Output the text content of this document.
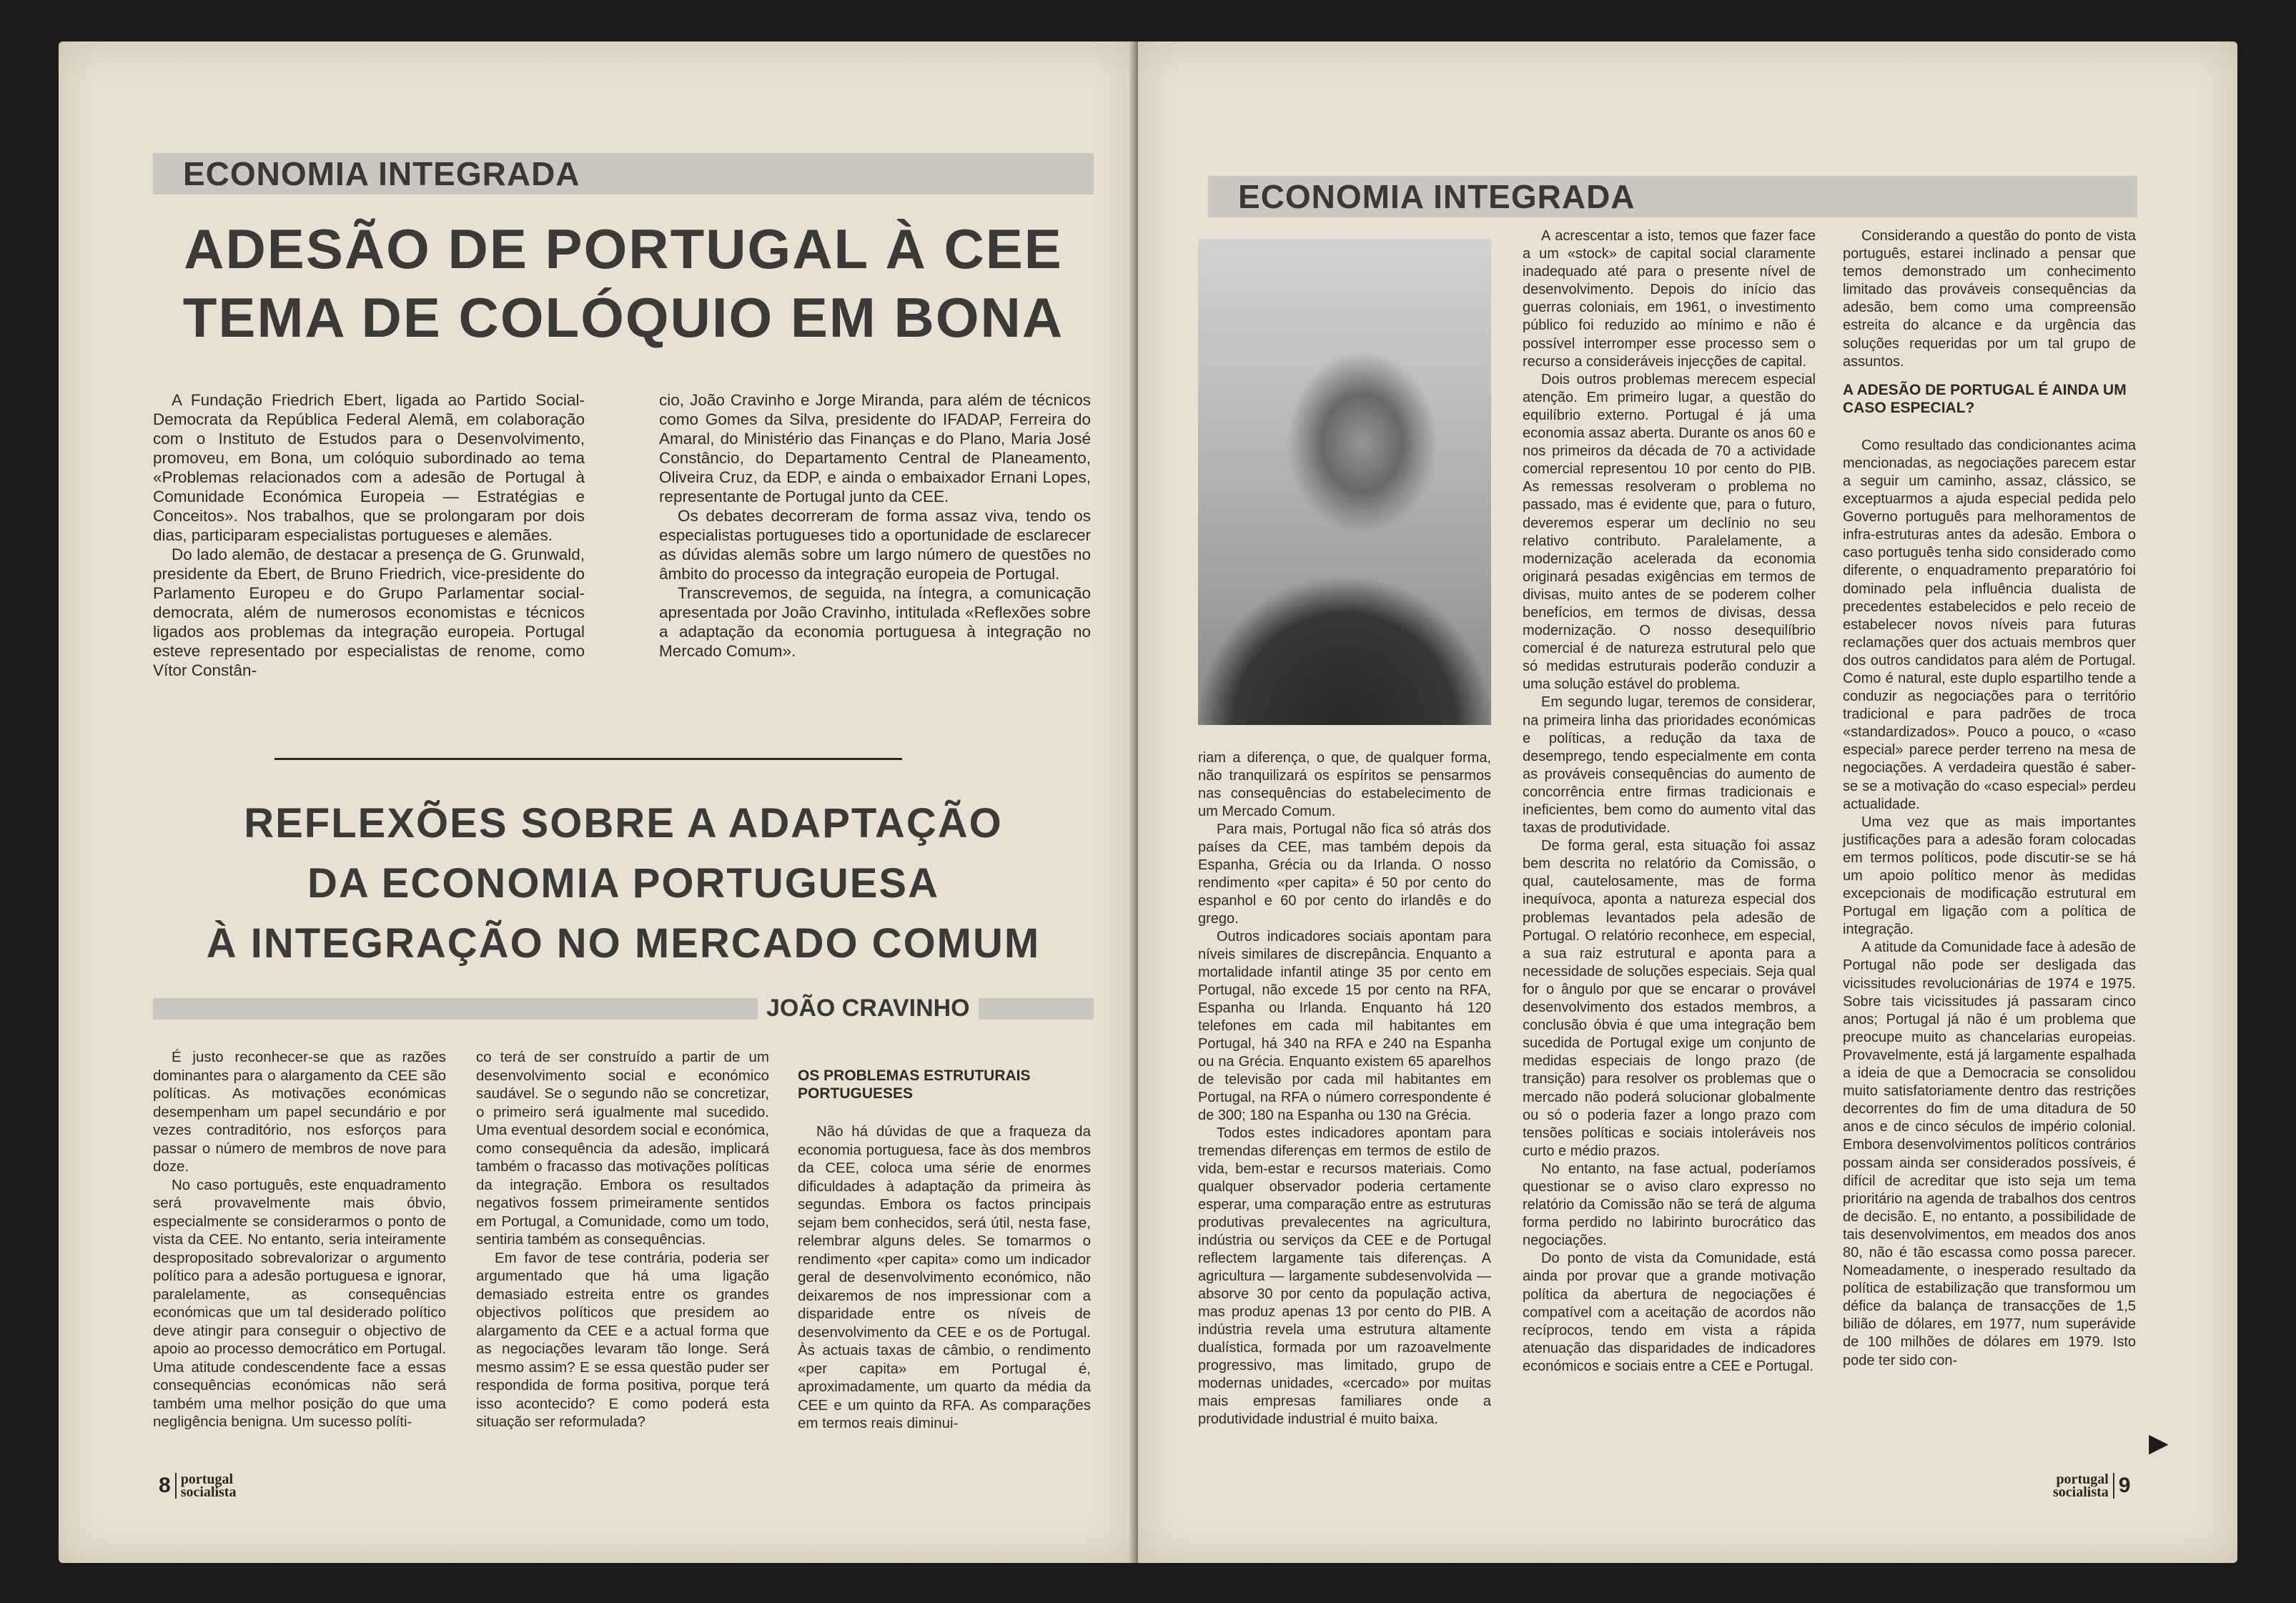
ECONOMIA INTEGRADA
ADESÃO DE PORTUGAL À CEE
TEMA DE COLÓQUIO EM BONA

A Fundação Friedrich Ebert, ligada ao Partido Social-Democrata da República Federal Alemã, em colaboração com o Instituto de Estudos para o Desenvolvimento, promoveu, em Bona, um colóquio subordinado ao tema «Problemas relacionados com a adesão de Portugal à Comunidade Económica Europeia — Estratégias e Conceitos». Nos trabalhos, que se prolongaram por dois dias, participaram especialistas portugueses e alemães.

Do lado alemão, de destacar a presença de G. Grunwald, presidente da Ebert, de Bruno Friedrich, vice-presidente do Parlamento Europeu e do Grupo Parlamentar social-democrata, além de numerosos economistas e técnicos ligados aos problemas da integração europeia. Portugal esteve representado por especialistas de renome, como Vítor Constân-

cio, João Cravinho e Jorge Miranda, para além de técnicos como Gomes da Silva, presidente do IFADAP, Ferreira do Amaral, do Ministério das Finanças e do Plano, Maria José Constâncio, do Departamento Central de Planeamento, Oliveira Cruz, da EDP, e ainda o embaixador Ernani Lopes, representante de Portugal junto da CEE.

Os debates decorreram de forma assaz viva, tendo os especialistas portugueses tido a oportunidade de esclarecer as dúvidas alemãs sobre um largo número de questões no âmbito do processo da integração europeia de Portugal.

Transcrevemos, de seguida, na íntegra, a comunicação apresentada por João Cravinho, intitulada «Reflexões sobre a adaptação da economia portuguesa à integração no Mercado Comum».

REFLEXÕES SOBRE A ADAPTAÇÃO
DA ECONOMIA PORTUGUESA
À INTEGRAÇÃO NO MERCADO COMUM
JOÃO CRAVINHO

É justo reconhecer-se que as razões dominantes para o alargamento da CEE são políticas. As motivações económicas desempenham um papel secundário e por vezes contraditório, nos esforços para passar o número de membros de nove para doze.

No caso português, este enquadramento será provavelmente mais óbvio, especialmente se considerarmos o ponto de vista da CEE. No entanto, seria inteiramente despropositado sobrevalorizar o argumento político para a adesão portuguesa e ignorar, paralelamente, as consequências económicas que um tal desiderado político deve atingir para conseguir o objectivo de apoio ao processo democrático em Portugal. Uma atitude condescendente face a essas consequências económicas não será também uma melhor posição do que uma negligência benigna. Um sucesso políti-

co terá de ser construído a partir de um desenvolvimento social e económico saudável. Se o segundo não se concretizar, o primeiro será igualmente mal sucedido. Uma eventual desordem social e económica, como consequência da adesão, implicará também o fracasso das motivações políticas da integração. Embora os resultados negativos fossem primeiramente sentidos em Portugal, a Comunidade, como um todo, sentiria também as consequências.

Em favor de tese contrária, poderia ser argumentado que há uma ligação demasiado estreita entre os grandes objectivos políticos que presidem ao alargamento da CEE e a actual forma que as negociações levaram tão longe. Será mesmo assim? E se essa questão puder ser respondida de forma positiva, porque terá isso acontecido? E como poderá esta situação ser reformulada?

OS PROBLEMAS ESTRUTURAIS PORTUGUESES

Não há dúvidas de que a fraqueza da economia portuguesa, face às dos membros da CEE, coloca uma série de enormes dificuldades à adaptação da primeira às segundas. Embora os factos principais sejam bem conhecidos, será útil, nesta fase, relembrar alguns deles. Se tomarmos o rendimento «per capita» como um indicador geral de desenvolvimento económico, não deixaremos de nos impressionar com a disparidade entre os níveis de desenvolvimento da CEE e os de Portugal. Às actuais taxas de câmbio, o rendimento «per capita» em Portugal é, aproximadamente, um quarto da média da CEE e um quinto da RFA. As comparações em termos reais diminui-

8 portugal
socialista
ECONOMIA INTEGRADA

riam a diferença, o que, de qualquer forma, não tranquilizará os espíritos se pensarmos nas consequências do estabelecimento de um Mercado Comum.

Para mais, Portugal não fica só atrás dos países da CEE, mas também depois da Espanha, Grécia ou da Irlanda. O nosso rendimento «per capita» é 50 por cento do espanhol e 60 por cento do irlandês e do grego.

Outros indicadores sociais apontam para níveis similares de discrepância. Enquanto a mortalidade infantil atinge 35 por cento em Portugal, não excede 15 por cento na RFA, Espanha ou Irlanda. Enquanto há 120 telefones em cada mil habitantes em Portugal, há 340 na RFA e 240 na Espanha ou na Grécia. Enquanto existem 65 aparelhos de televisão por cada mil habitantes em Portugal, na RFA o número correspondente é de 300; 180 na Espanha ou 130 na Grécia.

Todos estes indicadores apontam para tremendas diferenças em termos de estilo de vida, bem-estar e recursos materiais. Como qualquer observador poderia certamente esperar, uma comparação entre as estruturas produtivas prevalecentes na agricultura, indústria ou serviços da CEE e de Portugal reflectem largamente tais diferenças. A agricultura — largamente subdesenvolvida — absorve 30 por cento da população activa, mas produz apenas 13 por cento do PIB. A indústria revela uma estrutura altamente dualística, formada por um razoavelmente progressivo, mas limitado, grupo de modernas unidades, «cercado» por muitas mais empresas familiares onde a produtividade industrial é muito baixa.

A acrescentar a isto, temos que fazer face a um «stock» de capital social claramente inadequado até para o presente nível de desenvolvimento. Depois do início das guerras coloniais, em 1961, o investimento público foi reduzido ao mínimo e não é possível interromper esse processo sem o recurso a consideráveis injecções de capital.

Dois outros problemas merecem especial atenção. Em primeiro lugar, a questão do equilíbrio externo. Portugal é já uma economia assaz aberta. Durante os anos 60 e nos primeiros da década de 70 a actividade comercial representou 10 por cento do PIB. As remessas resolveram o problema no passado, mas é evidente que, para o futuro, deveremos esperar um declínio no seu relativo contributo. Paralelamente, a modernização acelerada da economia originará pesadas exigências em termos de divisas, muito antes de se poderem colher benefícios, em termos de divisas, dessa modernização. O nosso desequilíbrio comercial é de natureza estrutural pelo que só medidas estruturais poderão conduzir a uma solução estável do problema.

Em segundo lugar, teremos de considerar, na primeira linha das prioridades económicas e políticas, a redução da taxa de desemprego, tendo especialmente em conta as prováveis consequências do aumento de concorrência entre firmas tradicionais e ineficientes, bem como do aumento vital das taxas de produtividade.

De forma geral, esta situação foi assaz bem descrita no relatório da Comissão, o qual, cautelosamente, mas de forma inequívoca, aponta a natureza especial dos problemas levantados pela adesão de Portugal. O relatório reconhece, em especial, a sua raiz estrutural e aponta para a necessidade de soluções especiais. Seja qual for o ângulo por que se encarar o provável desenvolvimento dos estados membros, a conclusão óbvia é que uma integração bem sucedida de Portugal exige um conjunto de medidas especiais de longo prazo (de transição) para resolver os problemas que o mercado não poderá solucionar globalmente ou só o poderia fazer a longo prazo com tensões políticas e sociais intoleráveis nos curto e médio prazos.

No entanto, na fase actual, poderíamos questionar se o aviso claro expresso no relatório da Comissão não se terá de alguma forma perdido no labirinto burocrático das negociações.

Do ponto de vista da Comunidade, está ainda por provar que a grande motivação política da abertura de negociações é compatível com a aceitação de acordos não recíprocos, tendo em vista a rápida atenuação das disparidades de indicadores económicos e sociais entre a CEE e Portugal.

Considerando a questão do ponto de vista português, estarei inclinado a pensar que temos demonstrado um conhecimento limitado das prováveis consequências da adesão, bem como uma compreensão estreita do alcance e da urgência das soluções requeridas por um tal grupo de assuntos.

A ADESÃO DE PORTUGAL É AINDA UM CASO ESPECIAL?

Como resultado das condicionantes acima mencionadas, as negociações parecem estar a seguir um caminho, assaz, clássico, se exceptuarmos a ajuda especial pedida pelo Governo português para melhoramentos de infra-estruturas antes da adesão. Embora o caso português tenha sido considerado como diferente, o enquadramento preparatório foi dominado pela influência dualista de precedentes estabelecidos e pelo receio de estabelecer novos níveis para futuras reclamações quer dos actuais membros quer dos outros candidatos para além de Portugal. Como é natural, este duplo espartilho tende a conduzir as negociações para o território tradicional e para padrões de troca «standardizados». Pouco a pouco, o «caso especial» parece perder terreno na mesa de negociações. A verdadeira questão é saber-se se a motivação do «caso especial» perdeu actualidade.

Uma vez que as mais importantes justificações para a adesão foram colocadas em termos políticos, pode discutir-se se há um apoio político menor às medidas excepcionais de modificação estrutural em Portugal em ligação com a política de integração.

A atitude da Comunidade face à adesão de Portugal não pode ser desligada das vicissitudes revolucionárias de 1974 e 1975. Sobre tais vicissitudes já passaram cinco anos; Portugal já não é um problema que preocupe muito as chancelarias europeias. Provavelmente, está já largamente espalhada a ideia de que a Democracia se consolidou muito satisfatoriamente dentro das restrições decorrentes do fim de uma ditadura de 50 anos e de cinco séculos de império colonial. Embora desenvolvimentos políticos contrários possam ainda ser considerados possíveis, é difícil de acreditar que isto seja um tema prioritário na agenda de trabalhos dos centros de decisão. E, no entanto, a possibilidade de tais desenvolvimentos, em meados dos anos 80, não é tão escassa como possa parecer. Nomeadamente, o inesperado resultado da política de estabilização que transformou um défice da balança de transacções de 1,5 bilião de dólares, em 1977, num superávide de 100 milhões de dólares em 1979. Isto pode ter sido con-

▶
portugal
socialista 9
